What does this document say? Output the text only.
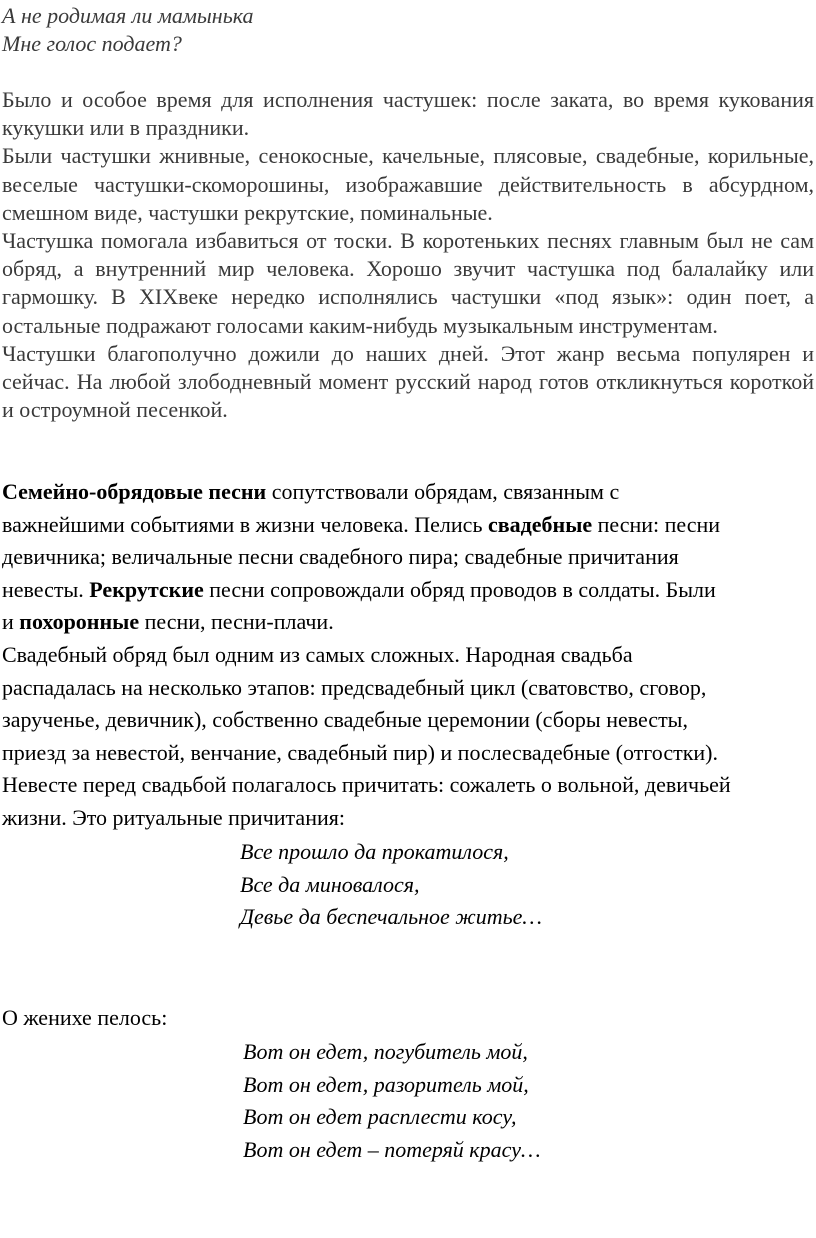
А не родимая ли мамынька
Мне голос подает?

Было и особое время для исполнения частушек: после заката, во время кукования кукушки или в праздники.

Были частушки жнивные, сенокосные, качельные, плясовые, свадебные, корильные, веселые частушки-скоморошины, изображавшие действительность в абсурдном, смешном виде, частушки рекрутские, поминальные.

Частушка помогала избавиться от тоски. В коротеньких песнях главным был не сам обряд, а внутренний мир человека. Хорошо звучит частушка под балалайку или гармошку. В XIXвеке нередко исполнялись частушки «под язык»: один поет, а остальные подражают голосами каким-нибудь музыкальным инструментам.

Частушки благополучно дожили до наших дней. Этот жанр весьма популярен и сейчас. На любой злободневный момент русский народ готов откликнуться короткой и остроумной песенкой.

Семейно-обрядовые песни сопутствовали обрядам, связанным с
важнейшими событиями в жизни человека. Пелись свадебные песни: песни
девичника; величальные песни свадебного пира; свадебные причитания
невесты. Рекрутские песни сопровождали обряд проводов в солдаты. Были
и похоронные песни, песни-плачи.

Свадебный обряд был одним из самых сложных. Народная свадьба
распадалась на несколько этапов: предсвадебный цикл (сватовство, сговор,
зарученье, девичник), собственно свадебные церемонии (сборы невесты,
приезд за невестой, венчание, свадебный пир) и послесвадебные (отгостки).
Невесте перед свадьбой полагалось причитать: сожалеть о вольной, девичьей
жизни. Это ритуальные причитания:

Все прошло да прокатилося,
Все да миновалося,
Девье да беспечальное житье…
О женихе пелось:
Вот он едет, погубитель мой,
Вот он едет, разоритель мой,
Вот он едет расплести косу,
Вот он едет – потеряй красу…
